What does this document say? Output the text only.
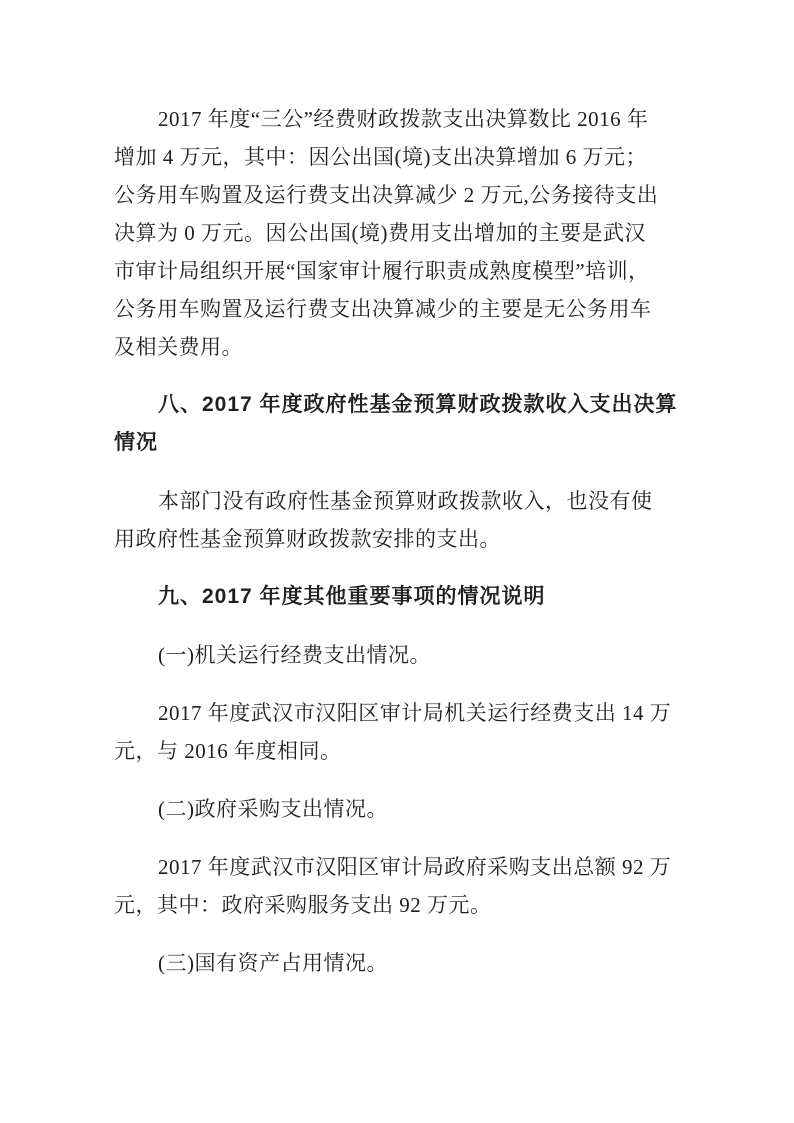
2017 年度“三公”经费财政拨款支出决算数比 2016 年
增加 4 万元，其中：因公出国(境)支出决算增加 6 万元；
公务用车购置及运行费支出决算减少 2 万元,公务接待支出
决算为 0 万元。因公出国(境)费用支出增加的主要是武汉
市审计局组织开展“国家审计履行职责成熟度模型”培训，
公务用车购置及运行费支出决算减少的主要是无公务用车
及相关费用。
八、2017 年度政府性基金预算财政拨款收入支出决算
情况
本部门没有政府性基金预算财政拨款收入，也没有使
用政府性基金预算财政拨款安排的支出。
九、2017 年度其他重要事项的情况说明
(一)机关运行经费支出情况。
2017 年度武汉市汉阳区审计局机关运行经费支出 14 万
元，与 2016 年度相同。
(二)政府采购支出情况。
2017 年度武汉市汉阳区审计局政府采购支出总额 92 万
元，其中：政府采购服务支出 92 万元。
(三)国有资产占用情况。
